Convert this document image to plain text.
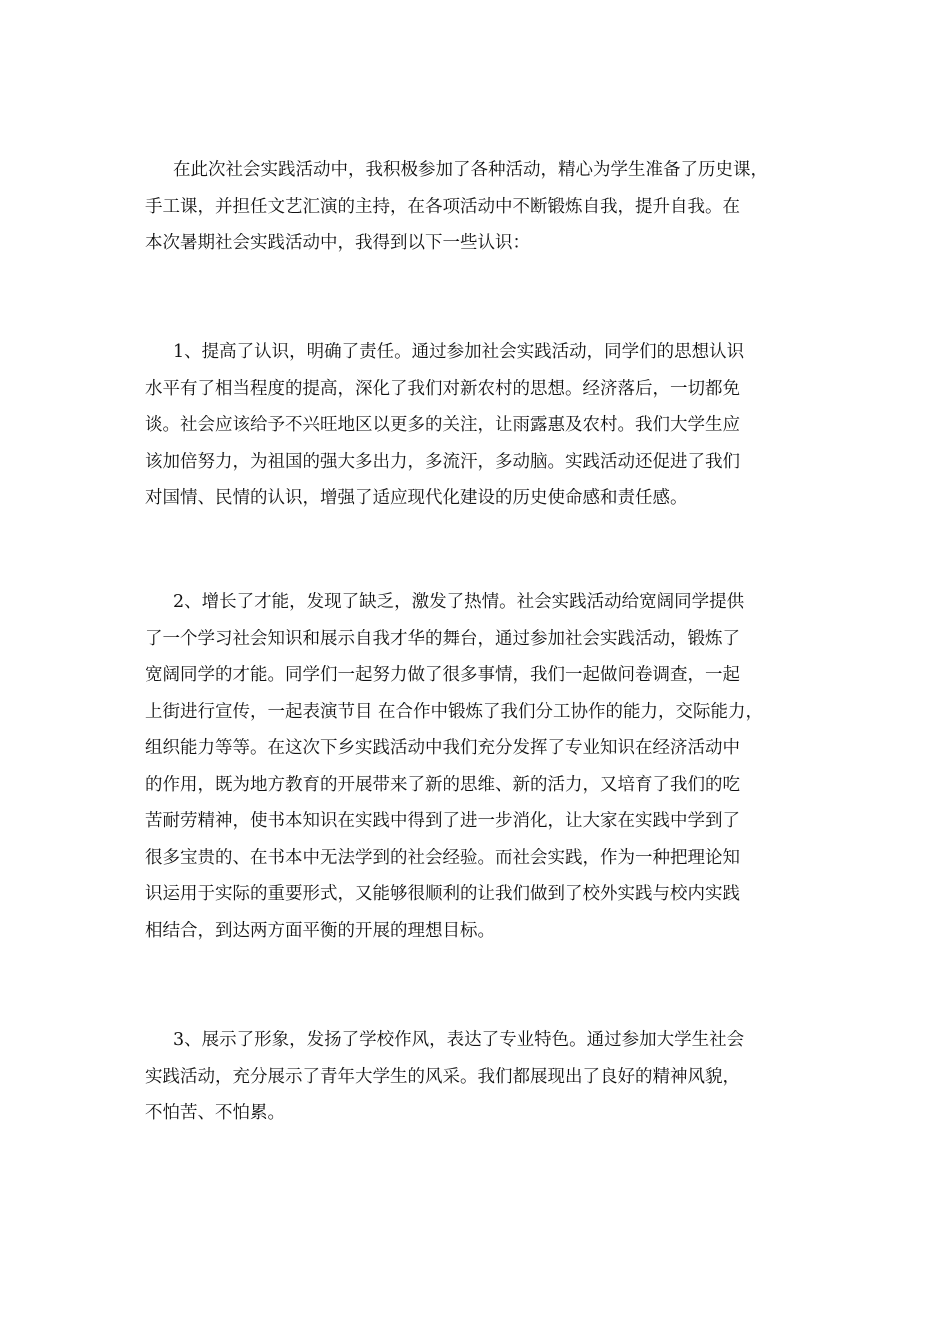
在此次社会实践活动中，我积极参加了各种活动，精心为学生准备了历史课，
手工课，并担任文艺汇演的主持，在各项活动中不断锻炼自我，提升自我。在
本次暑期社会实践活动中，我得到以下一些认识：
1、提高了认识，明确了责任。通过参加社会实践活动，同学们的思想认识
水平有了相当程度的提高，深化了我们对新农村的思想。经济落后，一切都免
谈。社会应该给予不兴旺地区以更多的关注，让雨露惠及农村。我们大学生应
该加倍努力，为祖国的强大多出力，多流汗，多动脑。实践活动还促进了我们
对国情、民情的认识，增强了适应现代化建设的历史使命感和责任感。
2、增长了才能，发现了缺乏，激发了热情。社会实践活动给宽阔同学提供
了一个学习社会知识和展示自我才华的舞台，通过参加社会实践活动，锻炼了
宽阔同学的才能。同学们一起努力做了很多事情，我们一起做问卷调查，一起
上街进行宣传，一起表演节目 在合作中锻炼了我们分工协作的能力，交际能力，
组织能力等等。在这次下乡实践活动中我们充分发挥了专业知识在经济活动中
的作用，既为地方教育的开展带来了新的思维、新的活力，又培育了我们的吃
苦耐劳精神，使书本知识在实践中得到了进一步消化，让大家在实践中学到了
很多宝贵的、在书本中无法学到的社会经验。而社会实践，作为一种把理论知
识运用于实际的重要形式，又能够很顺利的让我们做到了校外实践与校内实践
相结合，到达两方面平衡的开展的理想目标。
3、展示了形象，发扬了学校作风，表达了专业特色。通过参加大学生社会
实践活动，充分展示了青年大学生的风采。我们都展现出了良好的精神风貌，
不怕苦、不怕累。
